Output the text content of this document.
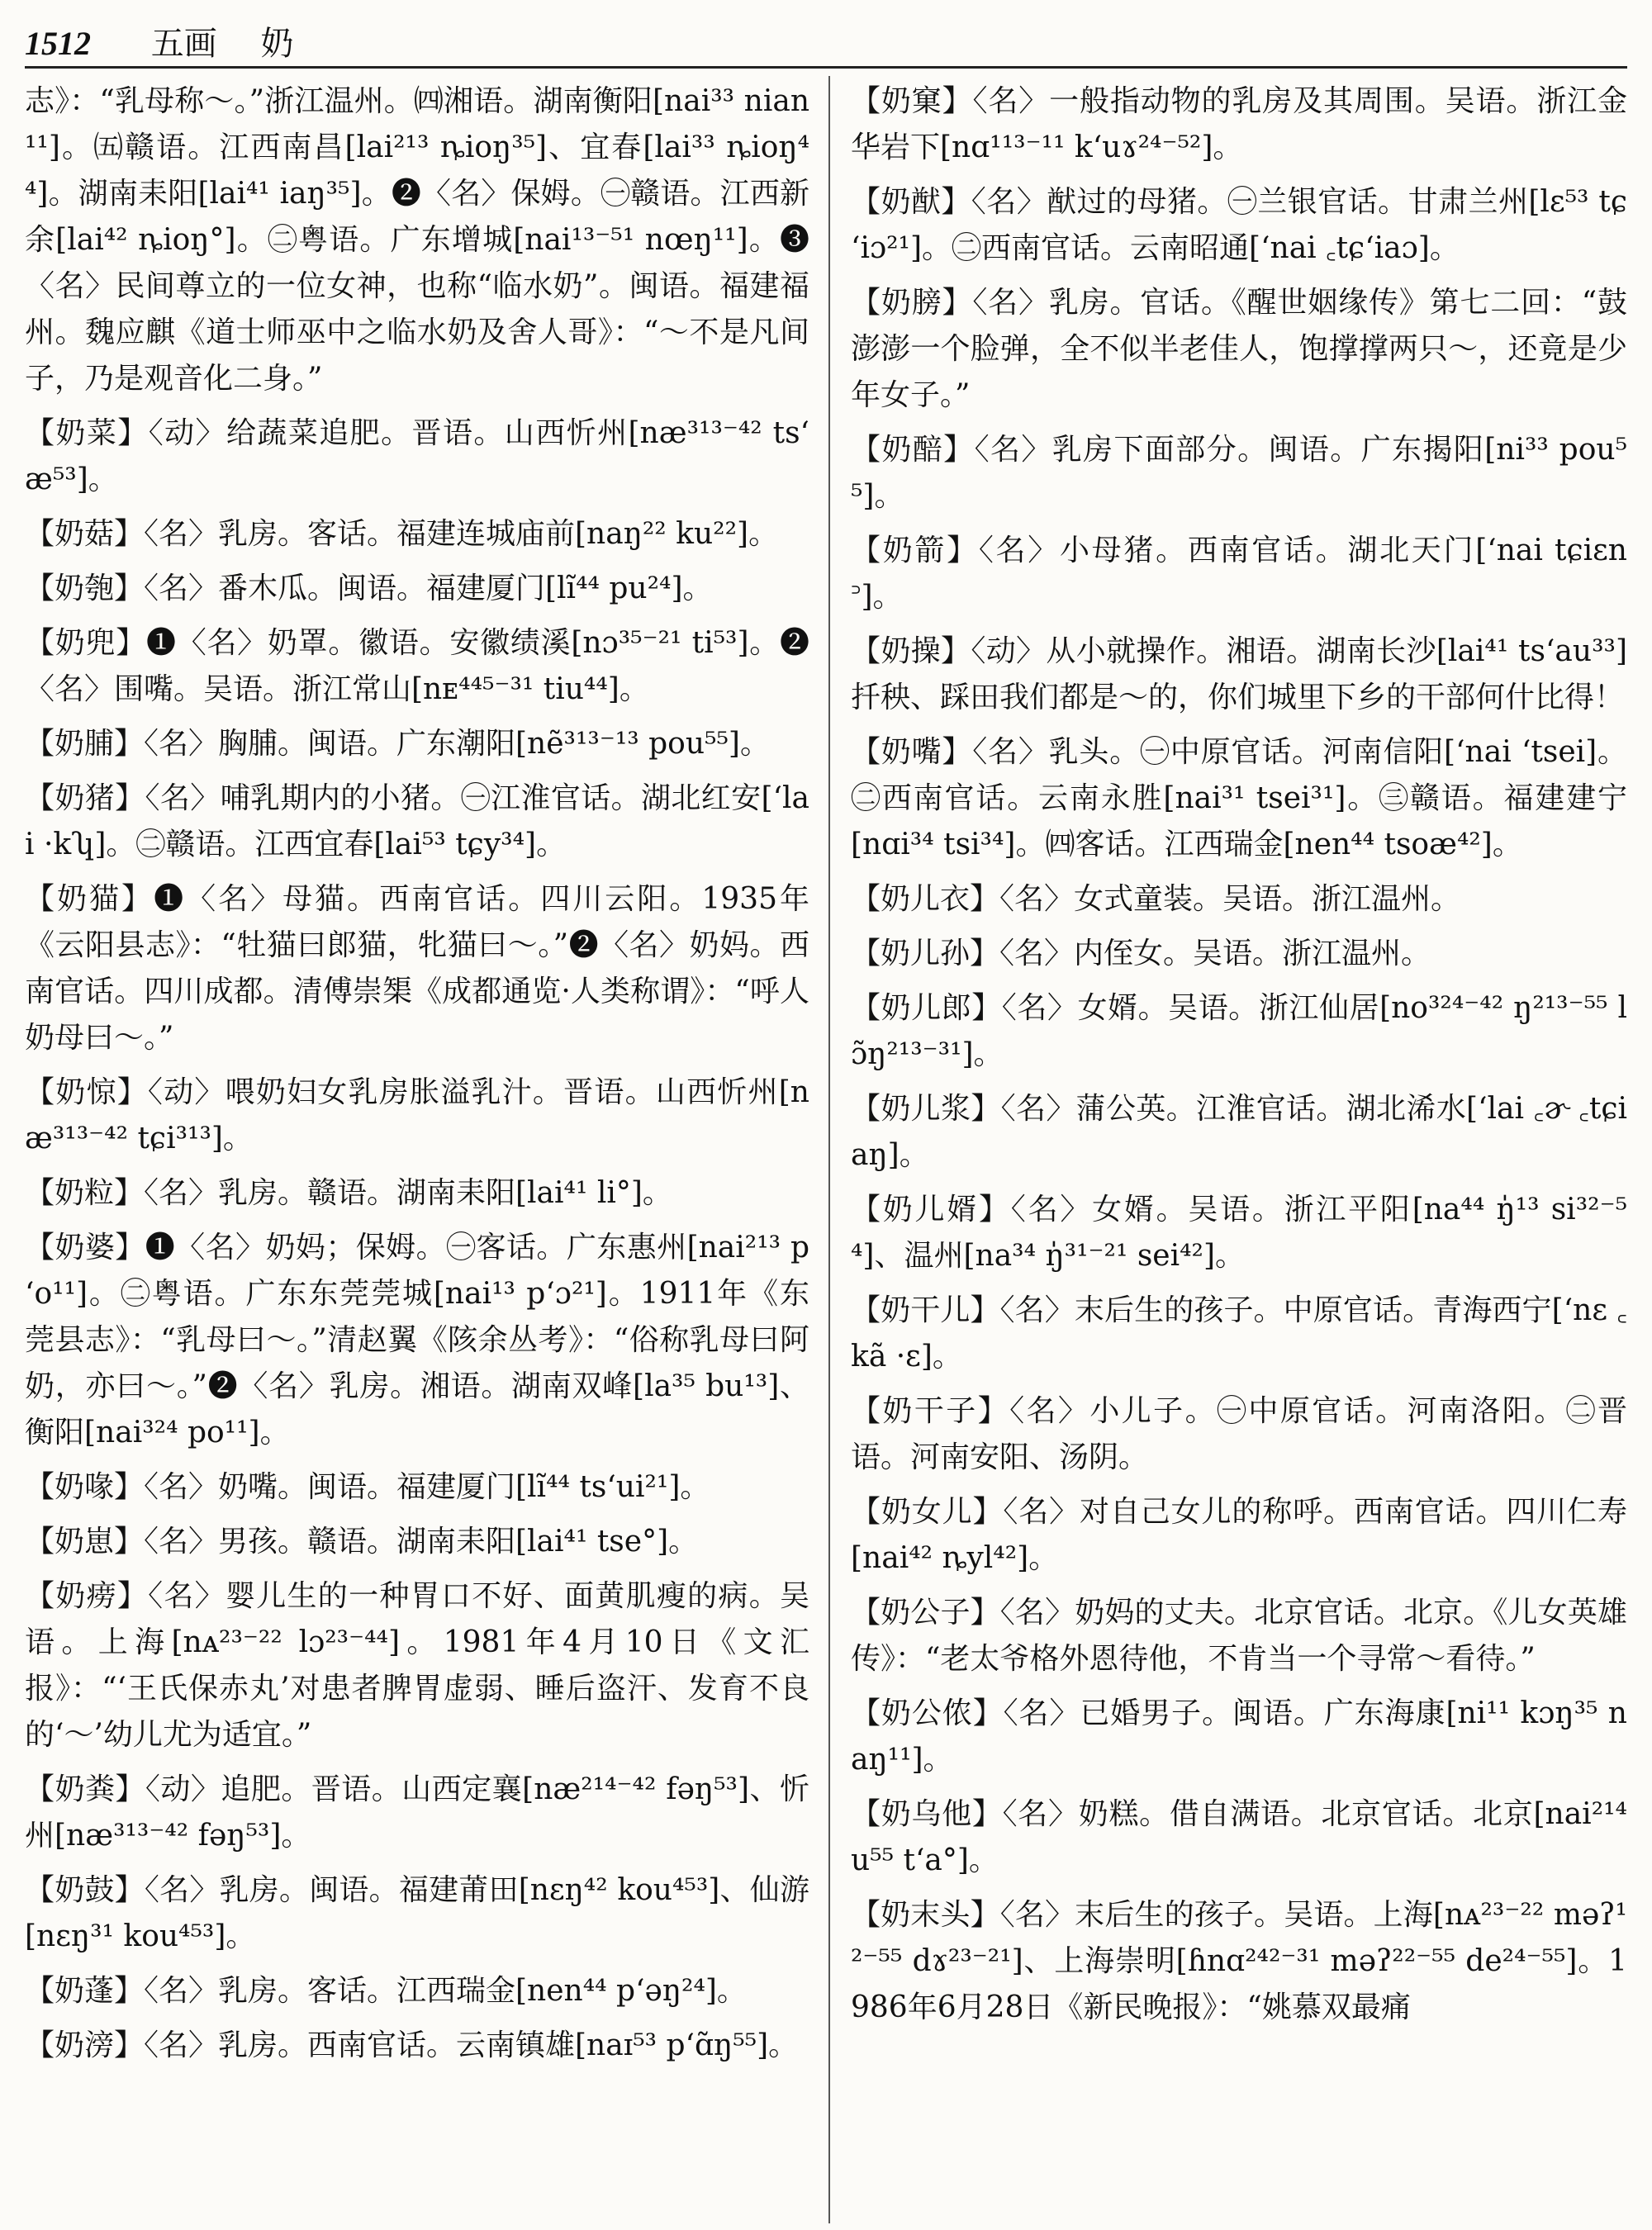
1512 五画 奶

志》：“乳母称～。”浙江温州。㈣湘语。湖南衡阳[nai³³ nian¹¹]。㈤赣语。江西南昌[lai²¹³ ȵioŋ³⁵]、宜春[lai³³ ȵioŋ⁴⁴]。湖南耒阳[lai⁴¹ iaŋ³⁵]。❷〈名〉保姆。㊀赣语。江西新余[lai⁴² ȵioŋ°]。㊁粤语。广东增城[nai¹³⁻⁵¹ nœŋ¹¹]。❸〈名〉民间尊立的一位女神，也称“临水奶”。闽语。福建福州。魏应麒《道士师巫中之临水奶及舍人哥》：“～不是凡间子，乃是观音化二身。”

【奶菜】〈动〉给蔬菜追肥。晋语。山西忻州[næ³¹³⁻⁴² tsʻæ⁵³]。

【奶菇】〈名〉乳房。客话。福建连城庙前[naŋ²² ku²²]。

【奶匏】〈名〉番木瓜。闽语。福建厦门[lĩ⁴⁴ pu²⁴]。

【奶兜】❶〈名〉奶罩。徽语。安徽绩溪[nɔ³⁵⁻²¹ ti⁵³]。❷〈名〉围嘴。吴语。浙江常山[nᴇ⁴⁴⁵⁻³¹ tiu⁴⁴]。

【奶脯】〈名〉胸脯。闽语。广东潮阳[nẽ³¹³⁻¹³ pou⁵⁵]。

【奶猪】〈名〉哺乳期内的小猪。㊀江淮官话。湖北红安[ʻlai ·kʮ]。㊁赣语。江西宜春[lai⁵³ tɕy³⁴]。

【奶猫】❶〈名〉母猫。西南官话。四川云阳。1935年《云阳县志》：“牡猫曰郎猫，牝猫曰～。”❷〈名〉奶妈。西南官话。四川成都。清傅崇榘《成都通览·人类称谓》：“呼人奶母曰～。”

【奶惊】〈动〉喂奶妇女乳房胀溢乳汁。晋语。山西忻州[næ³¹³⁻⁴² tɕi³¹³]。

【奶粒】〈名〉乳房。赣语。湖南耒阳[lai⁴¹ li°]。

【奶婆】❶〈名〉奶妈；保姆。㊀客话。广东惠州[nai²¹³ pʻo¹¹]。㊁粤语。广东东莞莞城[nai¹³ pʻɔ²¹]。1911年《东莞县志》：“乳母曰～。”清赵翼《陔余丛考》：“俗称乳母曰阿奶，亦曰～。”❷〈名〉乳房。湘语。湖南双峰[la³⁵ bu¹³]、衡阳[nai³²⁴ po¹¹]。

【奶喙】〈名〉奶嘴。闽语。福建厦门[lĩ⁴⁴ tsʻui²¹]。

【奶崽】〈名〉男孩。赣语。湖南耒阳[lai⁴¹ tse°]。

【奶痨】〈名〉婴儿生的一种胃口不好、面黄肌瘦的病。吴语。上海[nᴀ²³⁻²² lɔ²³⁻⁴⁴]。1981年4月10日《文汇报》：“‘王氏保赤丸’对患者脾胃虚弱、睡后盗汗、发育不良的‘～’幼儿尤为适宜。”

【奶粪】〈动〉追肥。晋语。山西定襄[næ²¹⁴⁻⁴² fəŋ⁵³]、忻州[næ³¹³⁻⁴² fəŋ⁵³]。

【奶鼓】〈名〉乳房。闽语。福建莆田[nɛŋ⁴² kou⁴⁵³]、仙游[nɛŋ³¹ kou⁴⁵³]。

【奶蓬】〈名〉乳房。客话。江西瑞金[nen⁴⁴ pʻəŋ²⁴]。

【奶滂】〈名〉乳房。西南官话。云南镇雄[naɪ⁵³ pʻɑ̃ŋ⁵⁵]。

【奶窠】〈名〉一般指动物的乳房及其周围。吴语。浙江金华岩下[nɑ¹¹³⁻¹¹ kʻuɤ²⁴⁻⁵²]。

【奶猷】〈名〉猷过的母猪。㊀兰银官话。甘肃兰州[lɛ⁵³ tɕʻiɔ²¹]。㊁西南官话。云南昭通[ʻnai ꜀tɕʻiaɔ]。

【奶膀】〈名〉乳房。官话。《醒世姻缘传》第七二回：“鼓澎澎一个脸弹，全不似半老佳人，饱撑撑两只～，还竟是少年女子。”

【奶醅】〈名〉乳房下面部分。闽语。广东揭阳[ni³³ pou⁵⁵]。

【奶箭】〈名〉小母猪。西南官话。湖北天门[ʻnai tɕiɛn꜄]。

【奶操】〈动〉从小就操作。湘语。湖南长沙[lai⁴¹ tsʻau³³]扦秧、踩田我们都是～的，你们城里下乡的干部何什比得！

【奶嘴】〈名〉乳头。㊀中原官话。河南信阳[ʻnai ʻtsei]。㊁西南官话。云南永胜[nai³¹ tsei³¹]。㊂赣语。福建建宁[nɑi³⁴ tsi³⁴]。㈣客话。江西瑞金[nen⁴⁴ tsoæ⁴²]。

【奶儿衣】〈名〉女式童装。吴语。浙江温州。

【奶儿孙】〈名〉内侄女。吴语。浙江温州。

【奶儿郎】〈名〉女婿。吴语。浙江仙居[no³²⁴⁻⁴² ŋ²¹³⁻⁵⁵ lɔ̃ŋ²¹³⁻³¹]。

【奶儿浆】〈名〉蒲公英。江淮官话。湖北浠水[ʻlai ꜀ɚ ꜀tɕiaŋ]。

【奶儿婿】〈名〉女婿。吴语。浙江平阳[na⁴⁴ ŋ̍¹³ si³²⁻⁵⁴]、温州[na³⁴ ŋ̍³¹⁻²¹ sei⁴²]。

【奶干儿】〈名〉末后生的孩子。中原官话。青海西宁[ʻnɛ ꜀kã ·ɛ]。

【奶干子】〈名〉小儿子。㊀中原官话。河南洛阳。㊁晋语。河南安阳、汤阴。

【奶女儿】〈名〉对自己女儿的称呼。西南官话。四川仁寿[nai⁴² ȵyl⁴²]。

【奶公子】〈名〉奶妈的丈夫。北京官话。北京。《儿女英雄传》：“老太爷格外恩待他，不肯当一个寻常～看待。”

【奶公侬】〈名〉已婚男子。闽语。广东海康[ni¹¹ kɔŋ³⁵ naŋ¹¹]。

【奶乌他】〈名〉奶糕。借自满语。北京官话。北京[nai²¹⁴ u⁵⁵ tʻa°]。

【奶末头】〈名〉末后生的孩子。吴语。上海[nᴀ²³⁻²² məʔ¹²⁻⁵⁵ dɤ²³⁻²¹]、上海崇明[ɦnɑ²⁴²⁻³¹ məʔ²²⁻⁵⁵ de²⁴⁻⁵⁵]。1986年6月28日《新民晚报》：“姚慕双最痛
